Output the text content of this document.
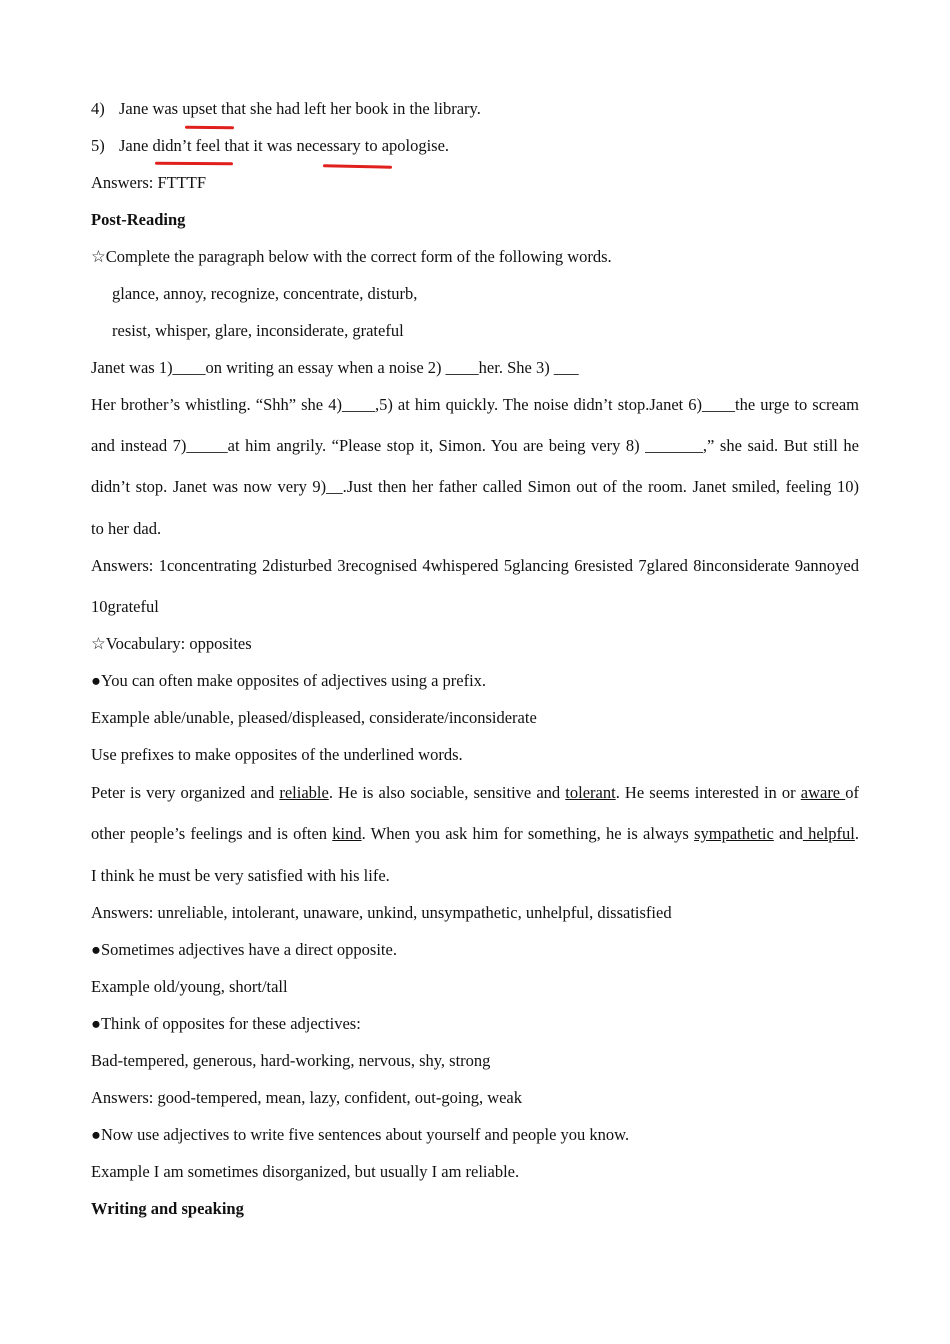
4) Jane was upset that she had left her book in the library.
5) Jane didn’t feel that it was necessary to apologise.
Answers: FTTTF
Post-Reading
☆Complete the paragraph below with the correct form of the following words.
glance, annoy, recognize, concentrate, disturb,
resist, whisper, glare, inconsiderate, grateful
Janet was 1)____on writing an essay when a noise 2) ____her. She 3) ___
Her brother’s whistling. “Shh” she 4)____,5) at him quickly. The noise didn’t stop.Janet 6)____the urge to scream
and instead 7)_____at him angrily. “Please stop it, Simon. You are being very 8) _______,” she said. But still he
didn’t stop. Janet was now very 9)__.Just then her father called Simon out of the room. Janet smiled, feeling 10)
to her dad.
Answers: 1concentrating 2disturbed 3recognised 4whispered 5glancing 6resisted 7glared 8inconsiderate 9annoyed
10grateful
☆Vocabulary: opposites
●You can often make opposites of adjectives using a prefix.
Example able/unable, pleased/displeased, considerate/inconsiderate
Use prefixes to make opposites of the underlined words.
Peter is very organized and reliable. He is also sociable, sensitive and tolerant. He seems interested in or aware of
other people’s feelings and is often kind. When you ask him for something, he is always sympathetic and helpful.
I think he must be very satisfied with his life.
Answers: unreliable, intolerant, unaware, unkind, unsympathetic, unhelpful, dissatisfied
●Sometimes adjectives have a direct opposite.
Example old/young, short/tall
●Think of opposites for these adjectives:
Bad-tempered, generous, hard-working, nervous, shy, strong
Answers: good-tempered, mean, lazy, confident, out-going, weak
●Now use adjectives to write five sentences about yourself and people you know.
Example I am sometimes disorganized, but usually I am reliable.
Writing and speaking
